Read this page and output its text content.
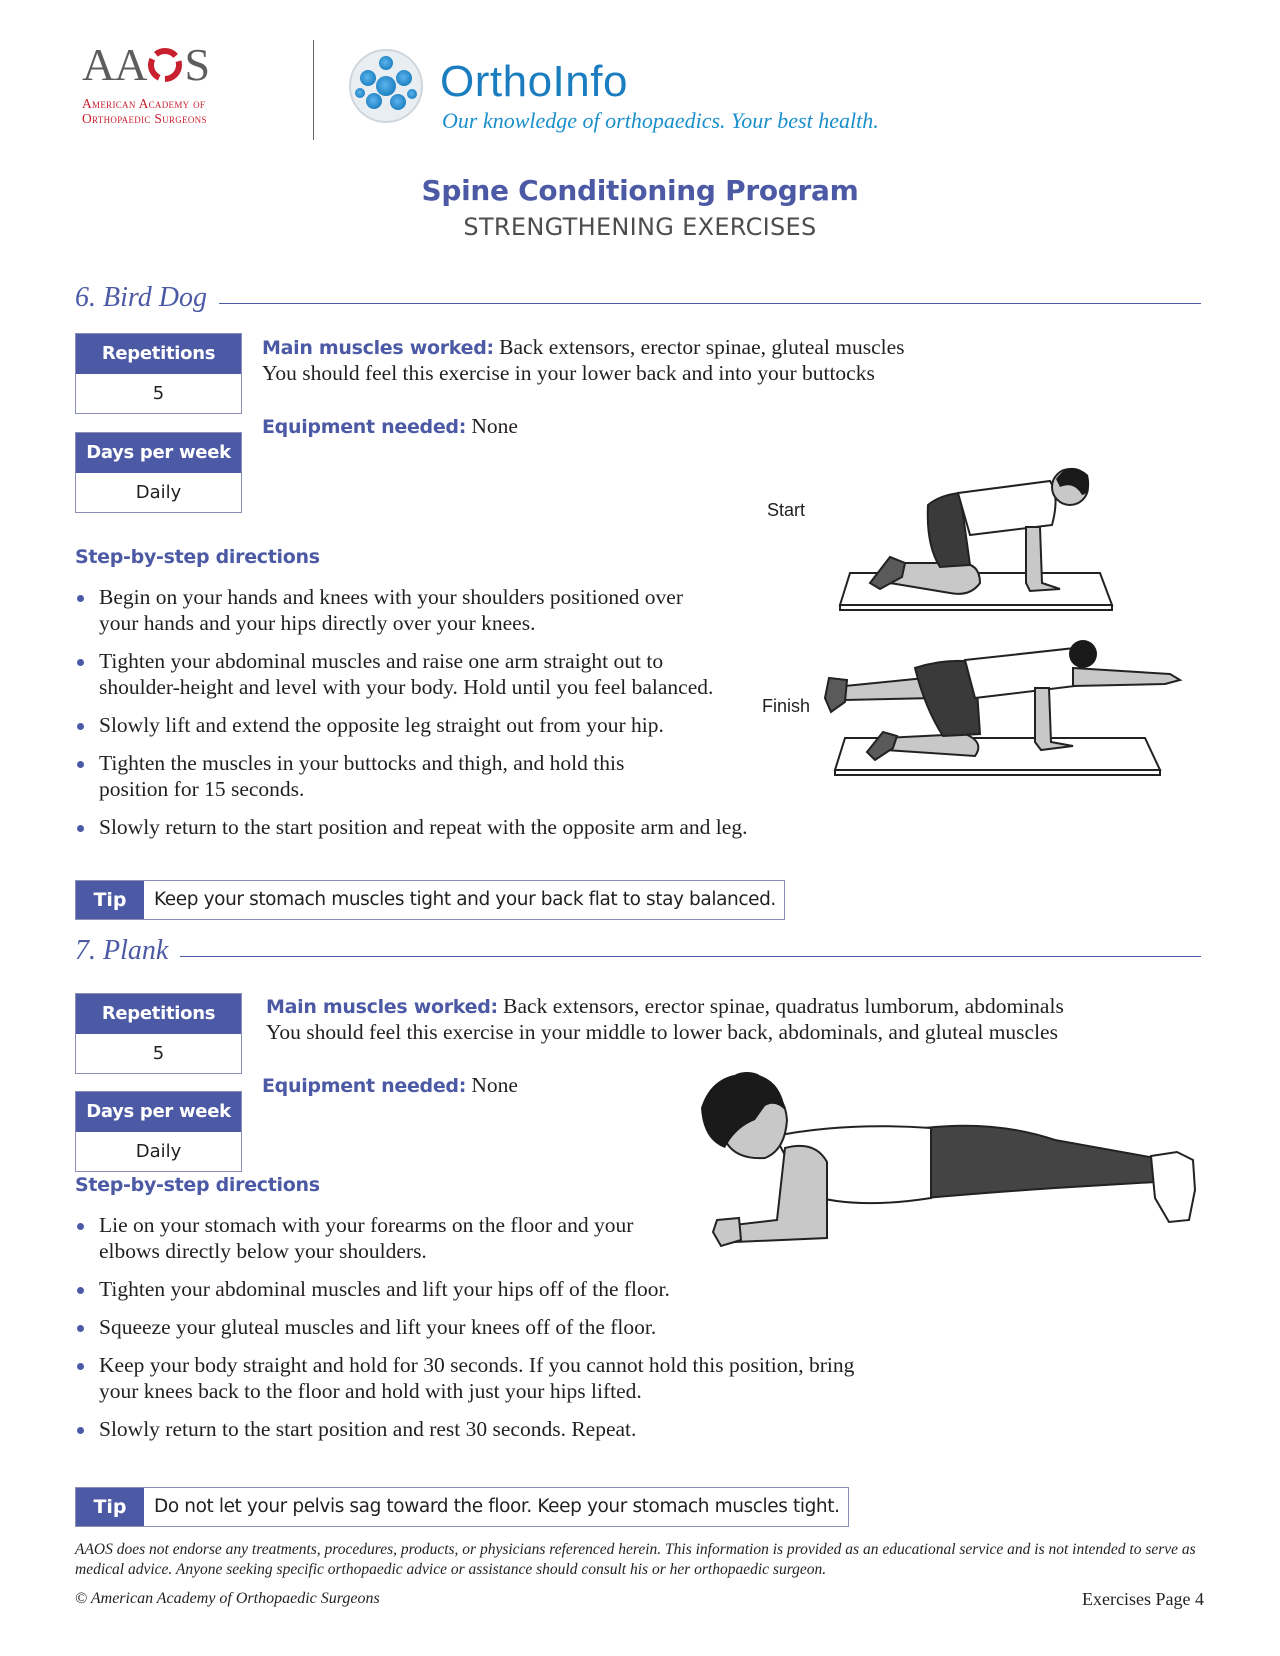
AA S
American Academy of
Orthopaedic Surgeons
OrthoInfo
Our knowledge of orthopaedics. Your best health.
Spine Conditioning Program
STRENGTHENING EXERCISES
6. Bird Dog
Repetitions
5
Days per week
Daily
Main muscles worked: Back extensors, erector spinae, gluteal muscles
You should feel this exercise in your lower back and into your buttocks
Equipment needed: None
Step-by-step directions
Begin on your hands and knees with your shoulders positioned over your hands and your hips directly over your knees.
Tighten your abdominal muscles and raise one arm straight out to shoulder-height and level with your body. Hold until you feel balanced.
Slowly lift and extend the opposite leg straight out from your hip.
Tighten the muscles in your buttocks and thigh, and hold this position for 15 seconds.
Slowly return to the start position and repeat with the opposite arm and leg.
Tip	Keep your stomach muscles tight and your back flat to stay balanced.
Start
Finish
7. Plank
Repetitions
5
Days per week
Daily
Main muscles worked: Back extensors, erector spinae, quadratus lumborum, abdominals
You should feel this exercise in your middle to lower back, abdominals, and gluteal muscles
Equipment needed: None
Step-by-step directions
Lie on your stomach with your forearms on the floor and your elbows directly below your shoulders.
Tighten your abdominal muscles and lift your hips off of the floor.
Squeeze your gluteal muscles and lift your knees off of the floor.
Keep your body straight and hold for 30 seconds. If you cannot hold this position, bring your knees back to the floor and hold with just your hips lifted.
Slowly return to the start position and rest 30 seconds. Repeat.
Tip	Do not let your pelvis sag toward the floor. Keep your stomach muscles tight.
AAOS does not endorse any treatments, procedures, products, or physicians referenced herein. This information is provided as an educational service and is not intended to serve as medical advice. Anyone seeking specific orthopaedic advice or assistance should consult his or her orthopaedic surgeon.
© American Academy of Orthopaedic Surgeons	Exercises Page 4
